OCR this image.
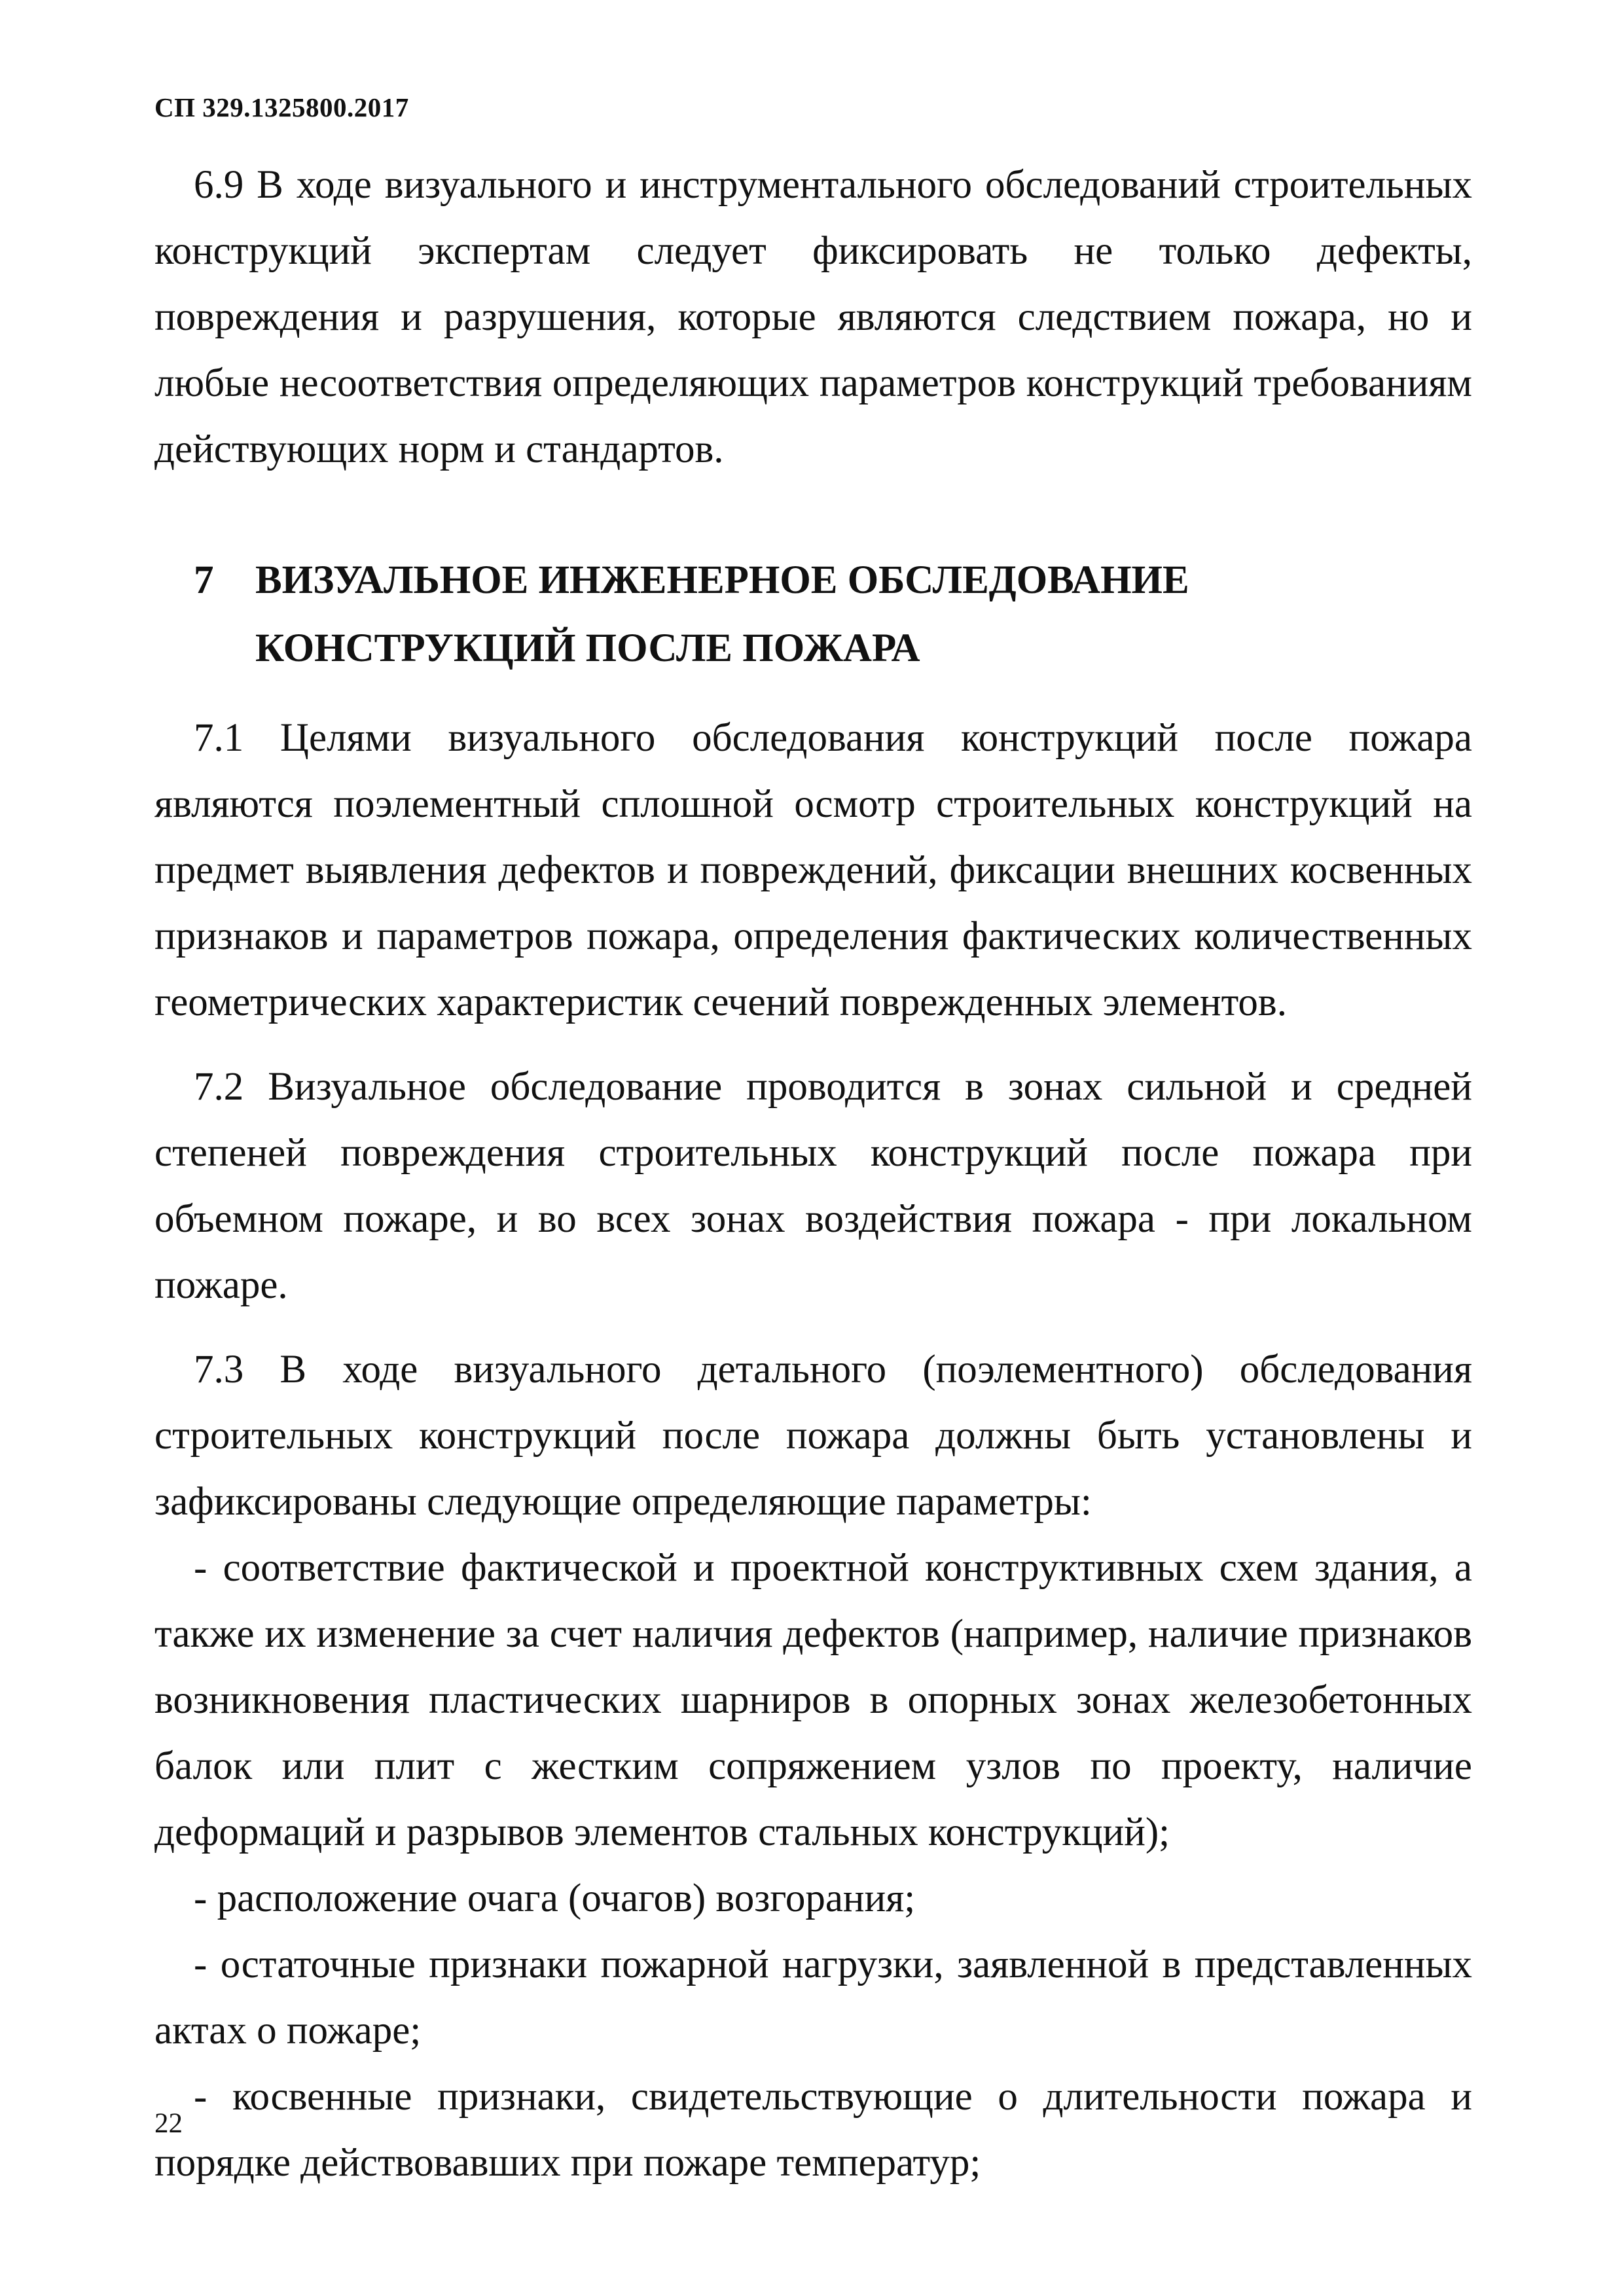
СП 329.1325800.2017

6.9 В ходе визуального и инструментального обследований строительных конструкций экспертам следует фиксировать не только дефекты, повреждения и разрушения, которые являются следствием пожара, но и любые несоответствия определяющих параметров конструкций требованиям действующих норм и стандартов.

7	ВИЗУАЛЬНОЕ ИНЖЕНЕРНОЕ ОБСЛЕДОВАНИЕ КОНСТРУКЦИЙ ПОСЛЕ ПОЖАРА

7.1 Целями визуального обследования конструкций после пожара являются поэлементный сплошной осмотр строительных конструкций на предмет выявления дефектов и повреждений, фиксации внешних косвенных признаков и параметров пожара, определения фактических количественных геометрических характеристик сечений поврежденных элементов.

7.2 Визуальное обследование проводится в зонах сильной и средней степеней повреждения строительных конструкций после пожара при объемном пожаре, и во всех зонах воздействия пожара - при локальном пожаре.

7.3 В ходе визуального детального (поэлементного) обследования строительных конструкций после пожара должны быть установлены и зафиксированы следующие определяющие параметры:

- соответствие фактической и проектной конструктивных схем здания, а также их изменение за счет наличия дефектов (например, наличие признаков возникновения пластических шарниров в опорных зонах железобетонных балок или плит с жестким сопряжением узлов по проекту, наличие деформаций и разрывов элементов стальных конструкций);

- расположение очага (очагов) возгорания;

- остаточные признаки пожарной нагрузки, заявленной в представленных актах о пожаре;

- косвенные признаки, свидетельствующие о длительности пожара и порядке действовавших при пожаре температур;

22
